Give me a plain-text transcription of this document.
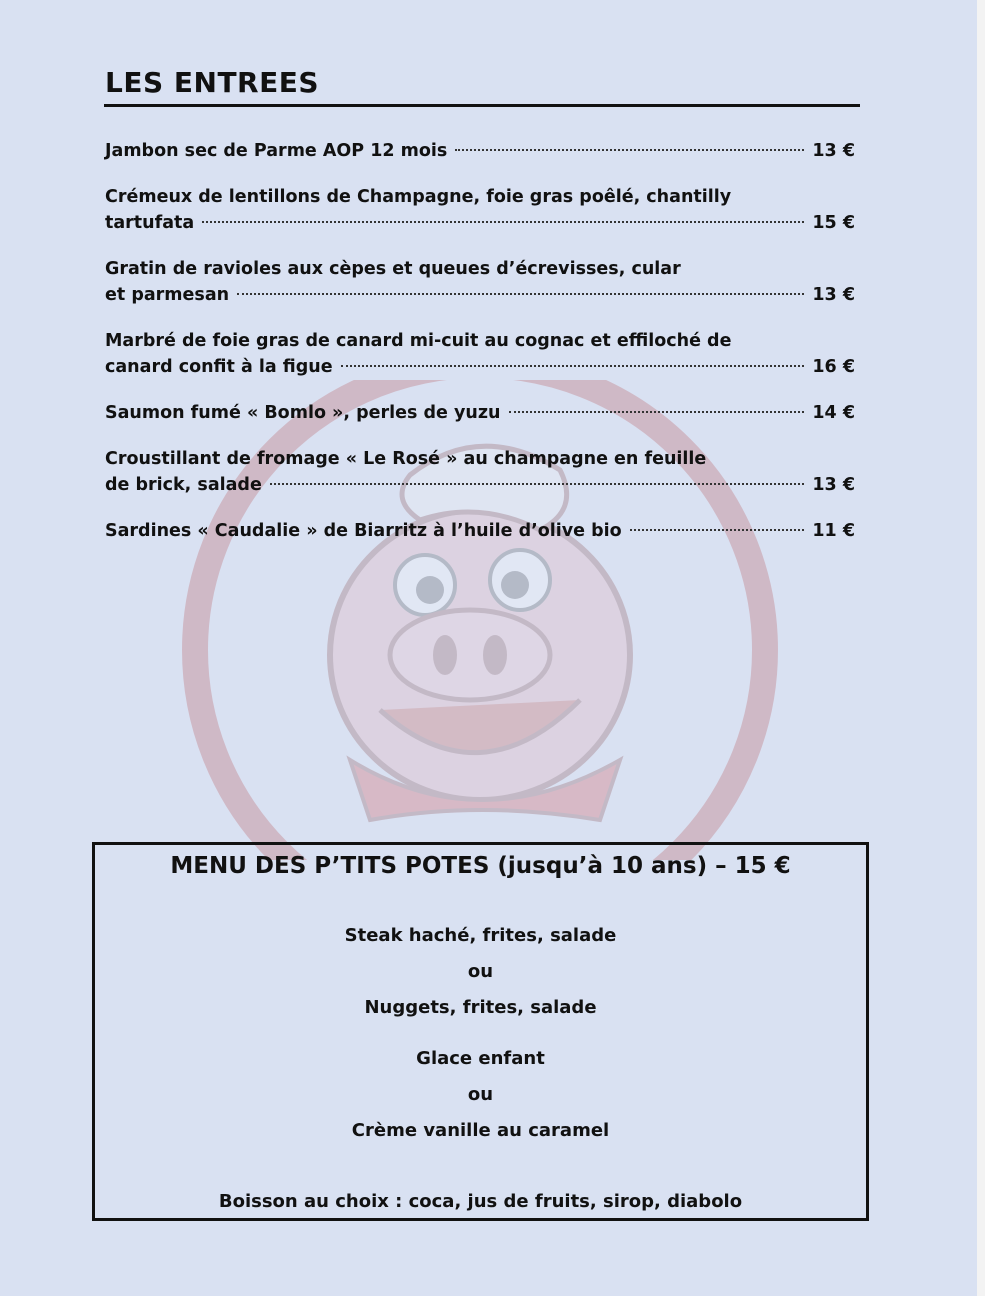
LES ENTREES
Jambon sec de Parme AOP 12 mois	13 €
Crémeux de lentillons de Champagne, foie gras poêlé, chantilly
tartufata	15 €
Gratin de ravioles aux cèpes et queues d’écrevisses, cular
et parmesan	13 €
Marbré de foie gras de canard mi-cuit au cognac et effiloché de
canard confit à la figue	16 €
Saumon fumé « Bomlo », perles de yuzu	14 €
Croustillant de fromage « Le Rosé » au champagne en feuille
de brick, salade	13 €
Sardines « Caudalie » de Biarritz à l’huile d’olive bio	11 €
MENU DES P’TITS POTES (jusqu’à 10 ans) – 15 €

Steak haché, frites, salade

ou

Nuggets, frites, salade

Glace enfant

ou

Crème vanille au caramel

Boisson au choix : coca, jus de fruits, sirop, diabolo
